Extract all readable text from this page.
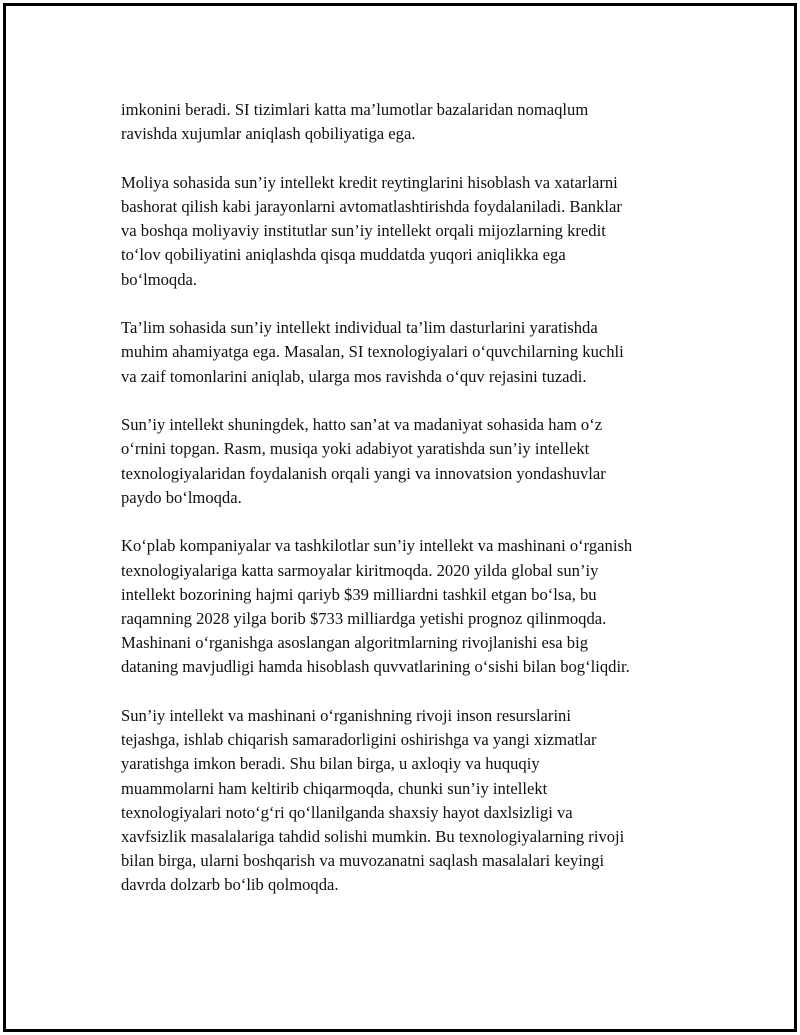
imkonini beradi. SI tizimlari katta ma’lumotlar bazalaridan nomaqlum
ravishda xujumlar aniqlash qobiliyatiga ega.

Moliya sohasida sun’iy intellekt kredit reytinglarini hisoblash va xatarlarni
bashorat qilish kabi jarayonlarni avtomatlashtirishda foydalaniladi. Banklar
va boshqa moliyaviy institutlar sun’iy intellekt orqali mijozlarning kredit
to‘lov qobiliyatini aniqlashda qisqa muddatda yuqori aniqlikka ega
bo‘lmoqda.

Ta’lim sohasida sun’iy intellekt individual ta’lim dasturlarini yaratishda
muhim ahamiyatga ega. Masalan, SI texnologiyalari o‘quvchilarning kuchli
va zaif tomonlarini aniqlab, ularga mos ravishda o‘quv rejasini tuzadi.

Sun’iy intellekt shuningdek, hatto san’at va madaniyat sohasida ham o‘z
o‘rnini topgan. Rasm, musiqa yoki adabiyot yaratishda sun’iy intellekt
texnologiyalaridan foydalanish orqali yangi va innovatsion yondashuvlar
paydo bo‘lmoqda.

Ko‘plab kompaniyalar va tashkilotlar sun’iy intellekt va mashinani o‘rganish
texnologiyalariga katta sarmoyalar kiritmoqda. 2020 yilda global sun’iy
intellekt bozorining hajmi qariyb $39 milliardni tashkil etgan bo‘lsa, bu
raqamning 2028 yilga borib $733 milliardga yetishi prognoz qilinmoqda.
Mashinani o‘rganishga asoslangan algoritmlarning rivojlanishi esa big
dataning mavjudligi hamda hisoblash quvvatlarining o‘sishi bilan bog‘liqdir.

Sun’iy intellekt va mashinani o‘rganishning rivoji inson resurslarini
tejashga, ishlab chiqarish samaradorligini oshirishga va yangi xizmatlar
yaratishga imkon beradi. Shu bilan birga, u axloqiy va huquqiy
muammolarni ham keltirib chiqarmoqda, chunki sun’iy intellekt
texnologiyalari noto‘g‘ri qo‘llanilganda shaxsiy hayot daxlsizligi va
xavfsizlik masalalariga tahdid solishi mumkin. Bu texnologiyalarning rivoji
bilan birga, ularni boshqarish va muvozanatni saqlash masalalari keyingi
davrda dolzarb bo‘lib qolmoqda.
